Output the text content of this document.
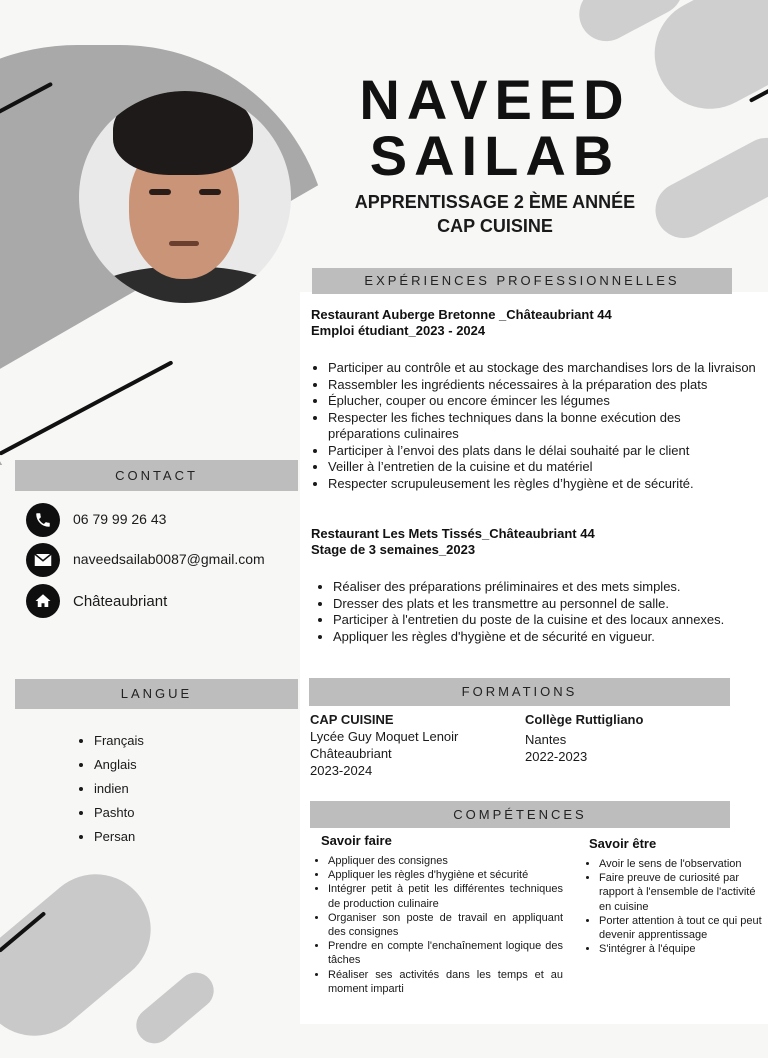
NAVEED
SAILAB
APPRENTISSAGE 2 ÈME ANNÉE
CAP CUISINE
EXPÉRIENCES PROFESSIONNELLES
Restaurant Auberge Bretonne _Châteaubriant 44
Emploi étudiant_2023 - 2024
• Participer au contrôle et au stockage des marchandises lors de la livraison
• Rassembler les ingrédients nécessaires à la préparation des plats
• Éplucher, couper ou encore émincer les légumes
• Respecter les fiches techniques dans la bonne exécution des préparations culinaires
• Participer à l’envoi des plats dans le délai souhaité par le client
• Veiller à l’entretien de la cuisine et du matériel
• Respecter scrupuleusement les règles d’hygiène et de sécurité.
Restaurant Les Mets Tissés_Châteaubriant 44
Stage de 3 semaines_2023
• Réaliser des préparations préliminaires et des mets simples.
• Dresser des plats et les transmettre au personnel de salle.
• Participer à l'entretien du poste de la cuisine et des locaux annexes.
• Appliquer les règles d'hygiène et de sécurité en vigueur.
CONTACT
06 79 99 26 43
naveedsailab0087@gmail.com
Châteaubriant
LANGUE
• Français
• Anglais
• indien
• Pashto
• Persan
FORMATIONS
CAP CUISINE
Lycée Guy Moquet Lenoir
Châteaubriant
2023-2024
Collège Ruttigliano
Nantes
2022-2023
COMPÉTENCES
Savoir faire
• Appliquer des consignes
• Appliquer les règles d'hygiène et sécurité
• Intégrer petit à petit les différentes techniques de production culinaire
• Organiser son poste de travail en appliquant des consignes
• Prendre en compte l'enchaînement logique des tâches
• Réaliser ses activités dans les temps et au moment imparti
Savoir être
• Avoir le sens de l'observation
• Faire preuve de curiosité par rapport à l'ensemble de l'activité en cuisine
• Porter attention à tout ce qui peut devenir apprentissage
• S'intégrer à l'équipe
